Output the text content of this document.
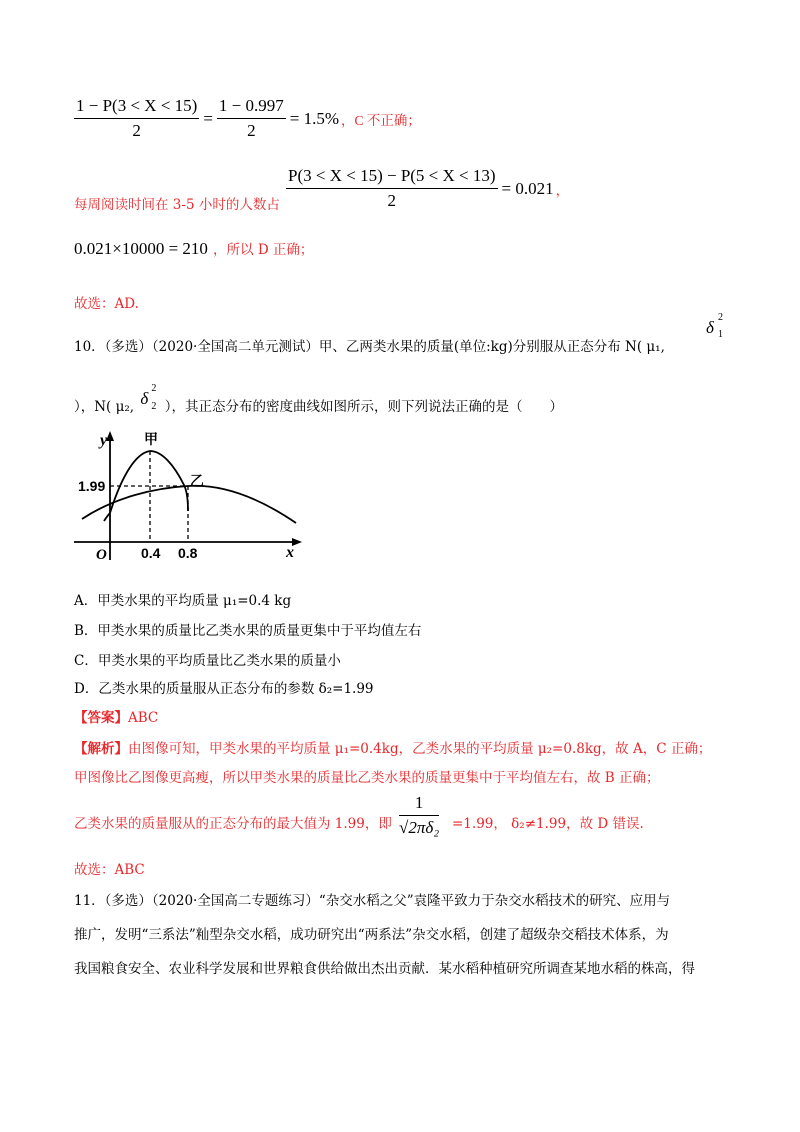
$\frac{1 - P(3 < X < 15)}{2} = \frac{1 - 0.997}{2} = 1.5\%$ ，C 不正确；
每周阅读时间在 3-5 小时的人数占 $\frac{P(3 < X < 15) - P(5 < X < 13)}{2} = 0.021$ ，
0.021×10000 = 210 ，所以 D 正确；
故选：AD.
10．（多选）（2020·全国高二单元测试）甲、乙两类水果的质量(单位:kg)分别服从正态分布 N( μ₁,
δ
2
1
），N( μ₂, δ
2
2 ），其正态分布的密度曲线如图所示，则下列说法正确的是（　　）
y
x
O
甲
乙
1.99
0.4 0.8
A．甲类水果的平均质量 μ₁=0.4 kg
B．甲类水果的质量比乙类水果的质量更集中于平均值左右
C．甲类水果的平均质量比乙类水果的质量小
D．乙类水果的质量服从正态分布的参数 δ₂=1.99
【答案】ABC
【解析】由图像可知，甲类水果的平均质量 μ₁=0.4kg，乙类水果的平均质量 μ₂=0.8kg，故 A，C 正确；
甲图像比乙图像更高瘦，所以甲类水果的质量比乙类水果的质量更集中于平均值左右，故 B 正确；
乙类水果的质量服从的正态分布的最大值为 1.99，即 $\frac{1}{\text{√2πδ₂}} =1.99$， δ₂≠1.99，故 D 错误.
故选：ABC
11．（多选）（2020·全国高二专题练习）“杂交水稻之父”袁隆平致力于杂交水稻技术的研究、应用与
推广，发明“三系法”籼型杂交水稻，成功研究出“两系法”杂交水稻，创建了超级杂交稻技术体系，为
我国粮食安全、农业科学发展和世界粮食供给做出杰出贡献．某水稻种植研究所调查某地水稻的株高，得
